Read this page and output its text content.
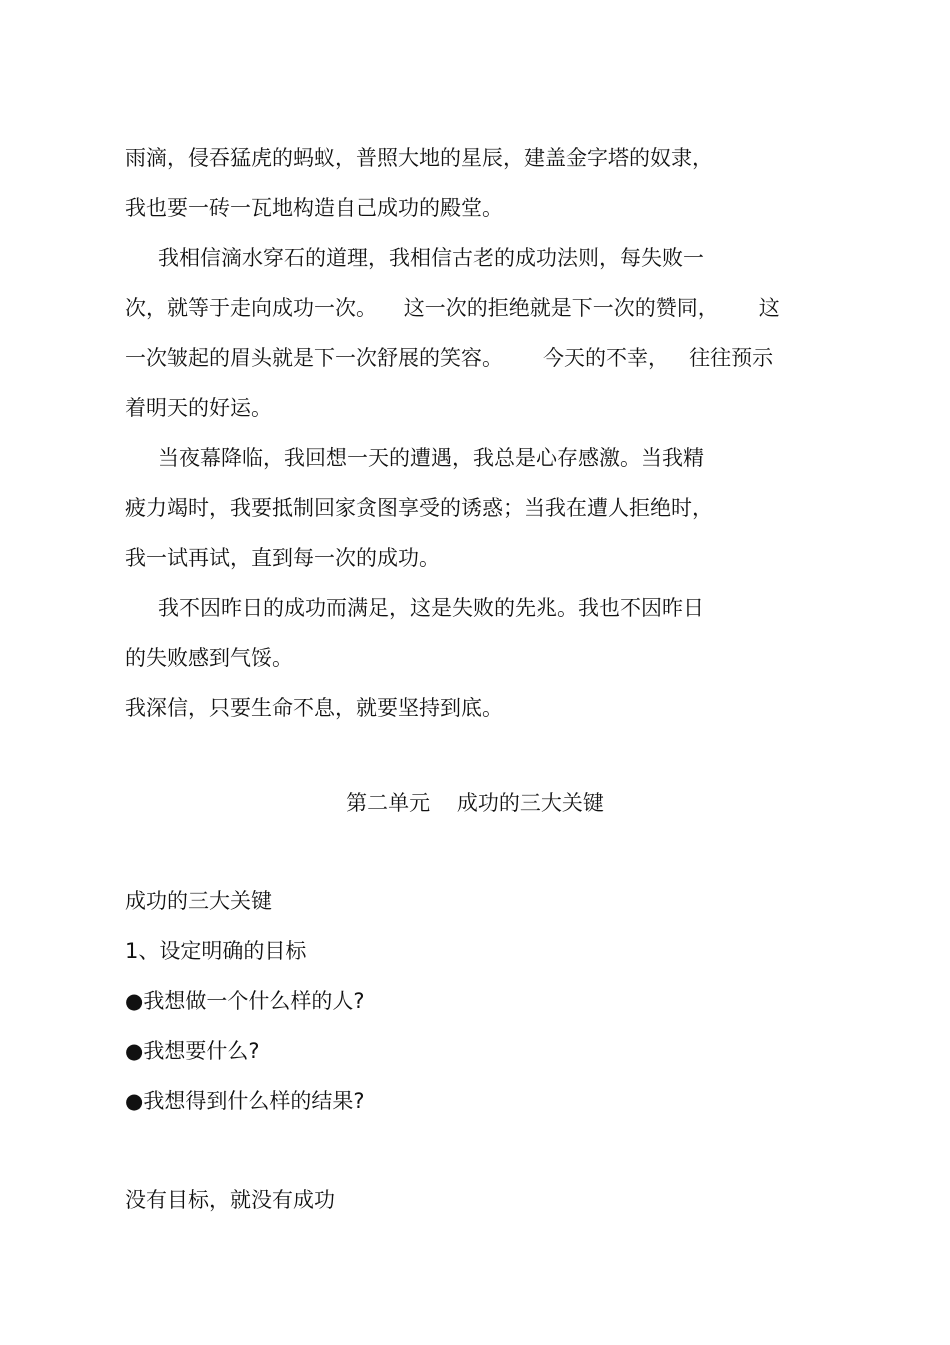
雨滴，侵吞猛虎的蚂蚁，普照大地的星辰，建盖金字塔的奴隶，
我也要一砖一瓦地构造自己成功的殿堂。
我相信滴水穿石的道理，我相信古老的成功法则，每失败一
次，就等于走向成功一次。    这一次的拒绝就是下一次的赞同，      这
一次皱起的眉头就是下一次舒展的笑容。      今天的不幸，   往往预示
着明天的好运。
当夜幕降临，我回想一天的遭遇，我总是心存感激。当我精
疲力竭时，我要抵制回家贪图享受的诱惑；当我在遭人拒绝时，
我一试再试，直到每一次的成功。
我不因昨日的成功而满足，这是失败的先兆。我也不因昨日
的失败感到气馁。
我深信，只要生命不息，就要坚持到底。
第二单元    成功的三大关键
成功的三大关键
1、设定明确的目标
●我想做一个什么样的人?
●我想要什么?
●我想得到什么样的结果?
没有目标，就没有成功
